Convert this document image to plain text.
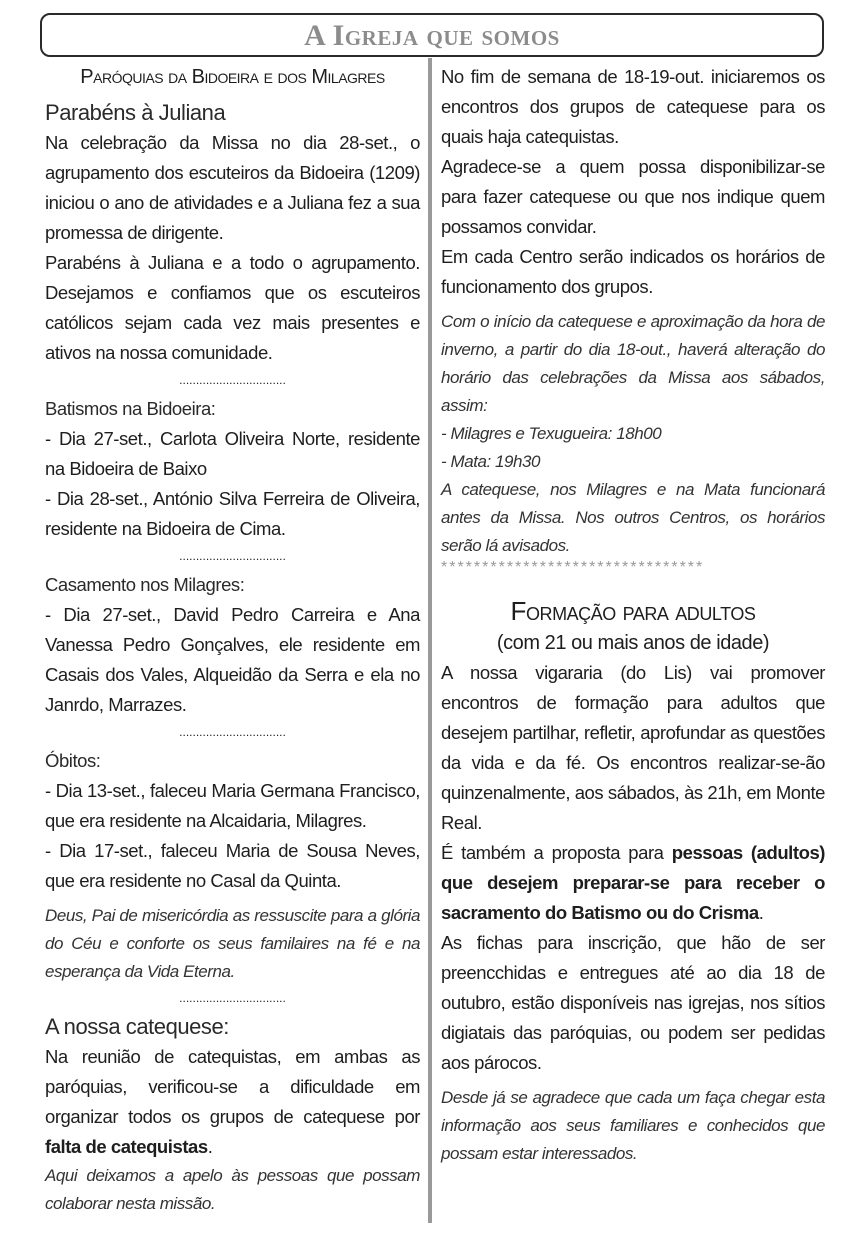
A Igreja que somos

Paróquias da Bidoeira e dos Milagres

Parabéns à Juliana

Na celebração da Missa no dia 28-set., o agrupamento dos escuteiros da Bidoeira (1209) iniciou o ano de atividades e a Juliana fez a sua promessa de dirigente.

Parabéns à Juliana e a todo o agrupamento. Desejamos e confiamos que os escuteiros católicos sejam cada vez mais presentes e ativos na nossa comunidade.

................................

Batismos na Bidoeira:

- Dia 27-set., Carlota Oliveira Norte, residente na Bidoeira de Baixo

- Dia 28-set., António Silva Ferreira de Oliveira, residente na Bidoeira de Cima.

................................

Casamento nos Milagres:

- Dia 27-set., David Pedro Carreira e Ana Vanessa Pedro Gonçalves, ele residente em Casais dos Vales, Alqueidão da Serra e ela no Janrdo, Marrazes.

................................

Óbitos:

- Dia 13-set., faleceu Maria Germana Francisco, que era residente na Alcaidaria, Milagres.

- Dia 17-set., faleceu Maria de Sousa Neves, que era residente no Casal da Quinta.

Deus, Pai de misericórdia as ressuscite para a glória do Céu e conforte os seus familaires na fé e na esperança da Vida Eterna.

................................

A nossa catequese:

Na reunião de catequistas, em ambas as paróquias, verificou-se a dificuldade em organizar todos os grupos de catequese por falta de catequistas.

Aqui deixamos a apelo às pessoas que possam colaborar nesta missão.

No fim de semana de 18-19-out. iniciaremos os encontros dos grupos de catequese para os quais haja catequistas.

Agradece-se a quem possa disponibilizar-se para fazer catequese ou que nos indique quem possamos convidar.

Em cada Centro serão indicados os horários de funcionamento dos grupos.

Com o início da catequese e aproximação da hora de inverno, a partir do dia 18-out., haverá alteração do horário das celebrações da Missa aos sábados, assim:

- Milagres e Texugueira: 18h00

- Mata: 19h30

A catequese, nos Milagres e na Mata funcionará antes da Missa. Nos outros Centros, os horários serão lá avisados.

********************************

Formação para adultos

(com 21 ou mais anos de idade)

A nossa vigararia (do Lis) vai promover encontros de formação para adultos que desejem partilhar, refletir, aprofundar as questões da vida e da fé. Os encontros realizar-se-ão quinzenalmente, aos sábados, às 21h, em Monte Real.

É também a proposta para pessoas (adultos) que desejem preparar-se para receber o sacramento do Batismo ou do Crisma.

As fichas para inscrição, que hão de ser preencchidas e entregues até ao dia 18 de outubro, estão disponíveis nas igrejas, nos sítios digiatais das paróquias, ou podem ser pedidas aos párocos.

Desde já se agradece que cada um faça chegar esta informação aos seus familiares e conhecidos que possam estar interessados.
